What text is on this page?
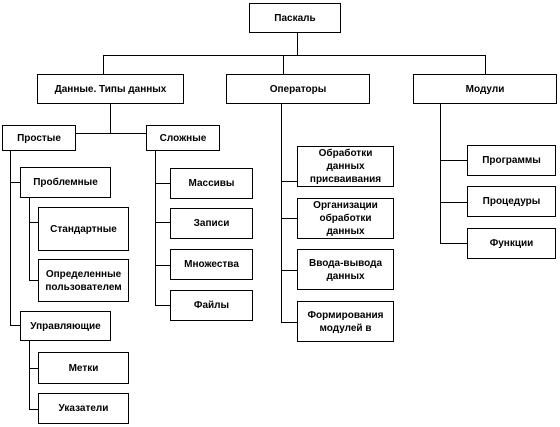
Паскаль
Данные. Типы данных	Операторы	Модули
Простые	Сложные
Проблемные
Стандартные
Определенные пользователем
Управляющие
Метки
Указатели
Массивы
Записи
Множества
Файлы
Обработки данных присваивания
Организации обработки данных
Ввода-вывода данных
Формирования модулей в
Программы
Процедуры
Функции
